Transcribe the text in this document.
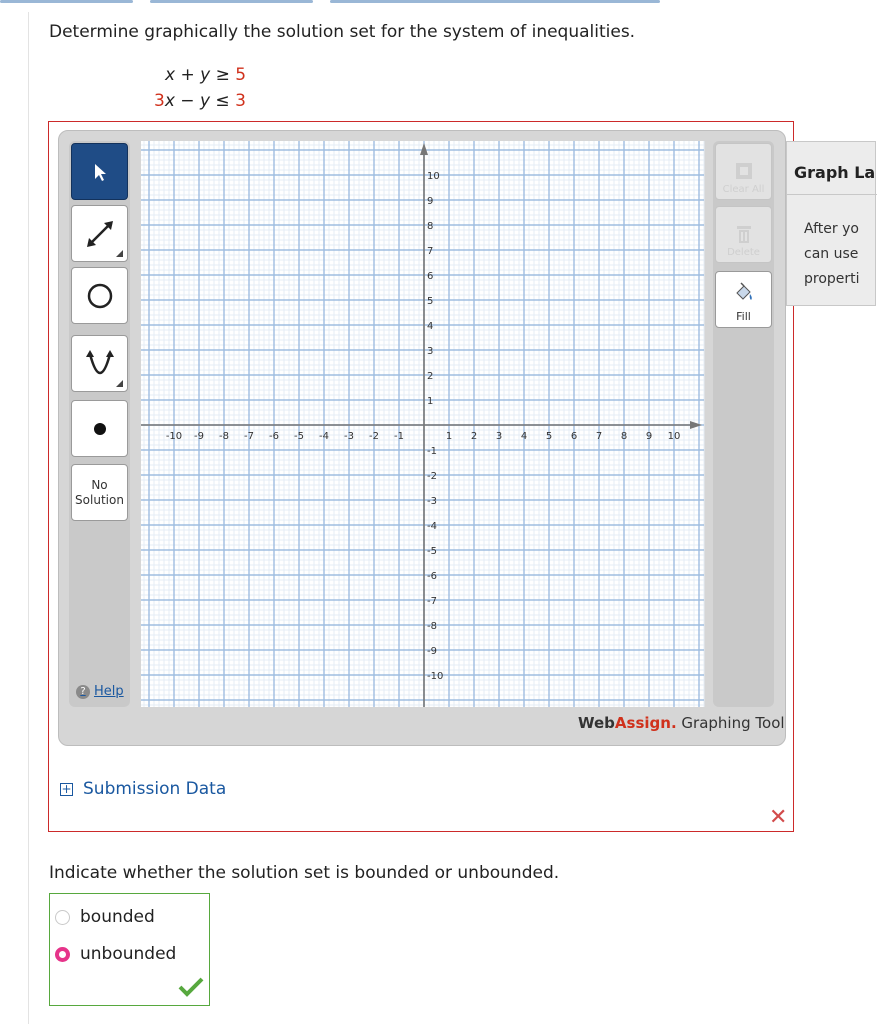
Determine graphically the solution set for the system of inequalities.
x + y ≥ 5
3x − y ≤ 3
No Solution
? Help
Clear All
Delete
Fill
-10 -9 -8 -7 -6 -5 -4 -3 -2 -1	1 2 3 4 5 6 7 8 9 10
10
9
8
7
6
5
4
3
2
1
-1
-2
-3
-4
-5
-6
-7
-8
-9
-10
WebAssign. Graphing Tool
Graph La
After yo
can use
properti
+ Submission Data
✕
Indicate whether the solution set is bounded or unbounded.
bounded
unbounded
